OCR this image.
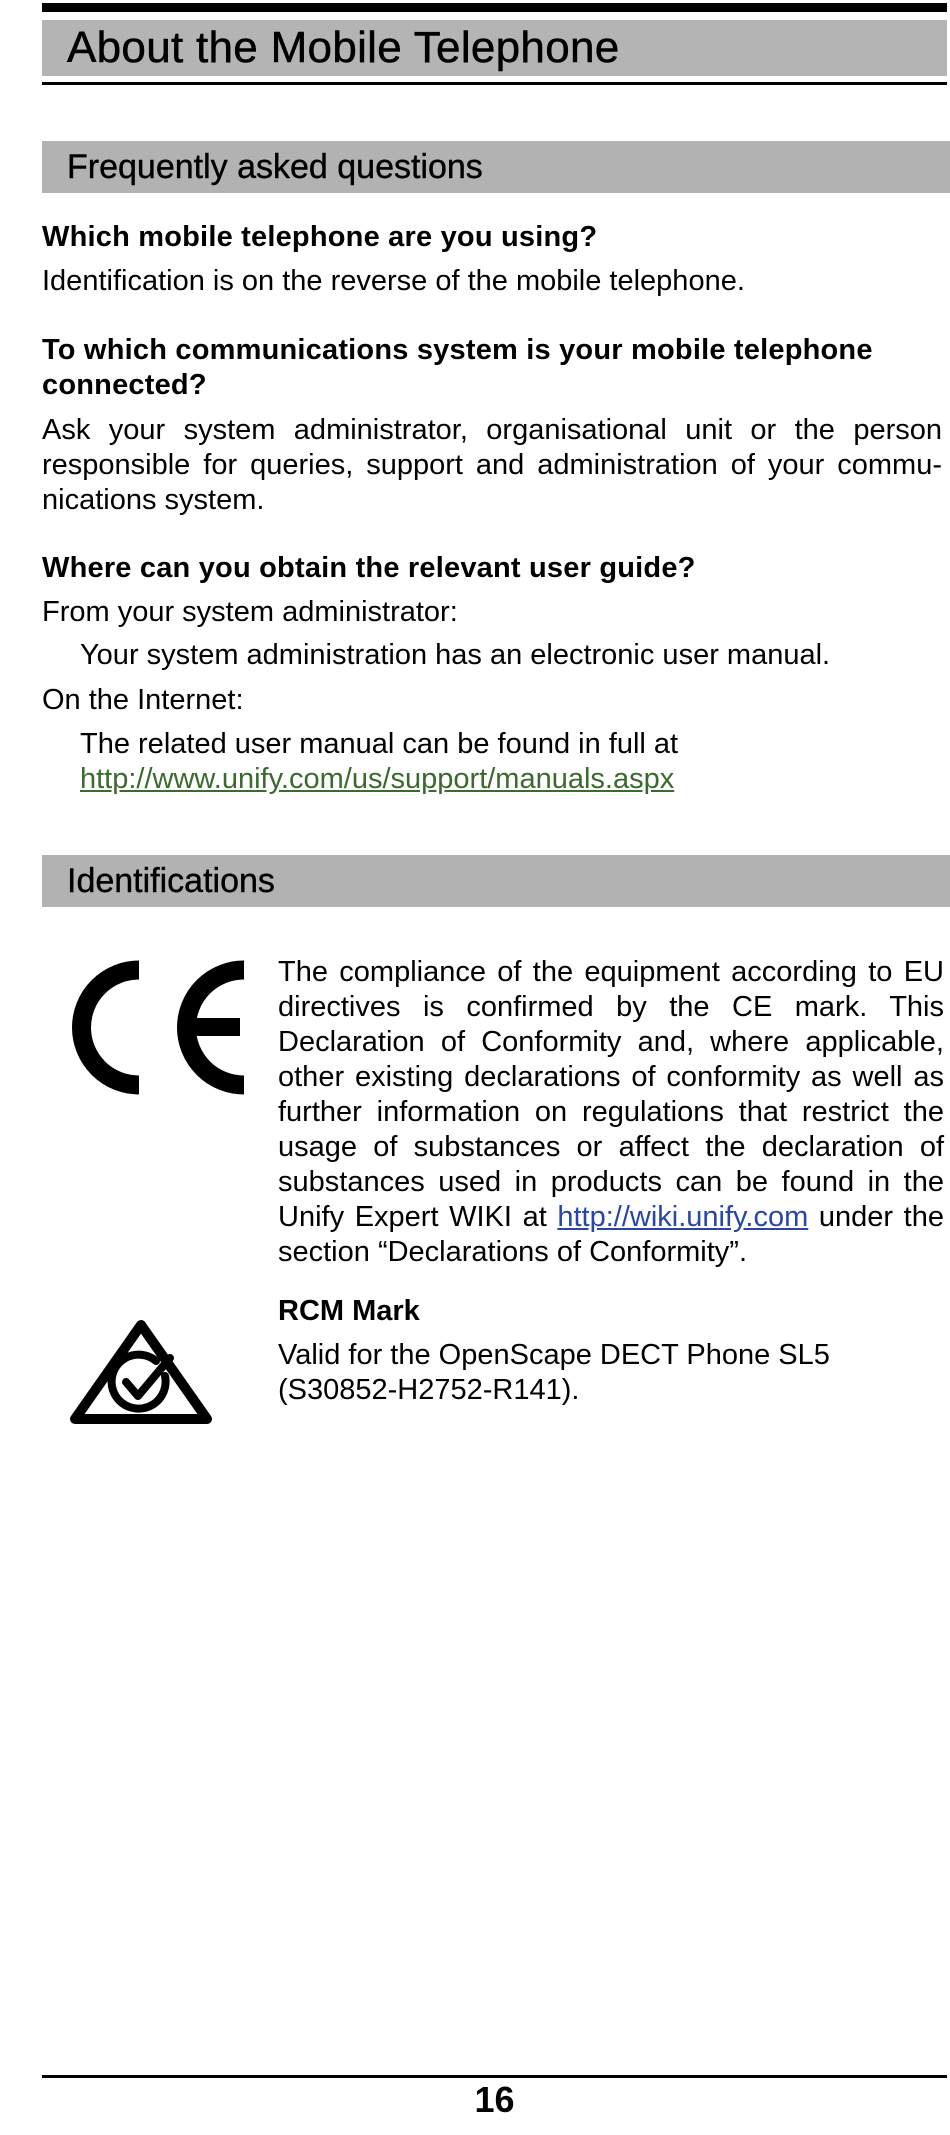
About the Mobile Telephone
Frequently asked questions
Which mobile telephone are you using?
Identification is on the reverse of the mobile telephone.
To which communications system is your mobile telephone connected?
Ask your system administrator, organisational unit or the person responsible for queries, support and administration of your commu-nications system.
Where can you obtain the relevant user guide?
From your system administrator:
Your system administration has an electronic user manual.
On the Internet:
The related user manual can be found in full at
http://www.unify.com/us/support/manuals.aspx
Identifications
The compliance of the equipment according to EU directives is confirmed by the CE mark. This Declaration of Conformity and, where applicable, other existing declarations of conformity as well as further information on regulations that restrict the usage of substances or affect the declaration of substances used in products can be found in the Unify Expert WIKI at http://wiki.unify.com under the section “Declarations of Conformity”.
RCM Mark
Valid for the OpenScape DECT Phone SL5 (S30852-H2752-R141).
16
